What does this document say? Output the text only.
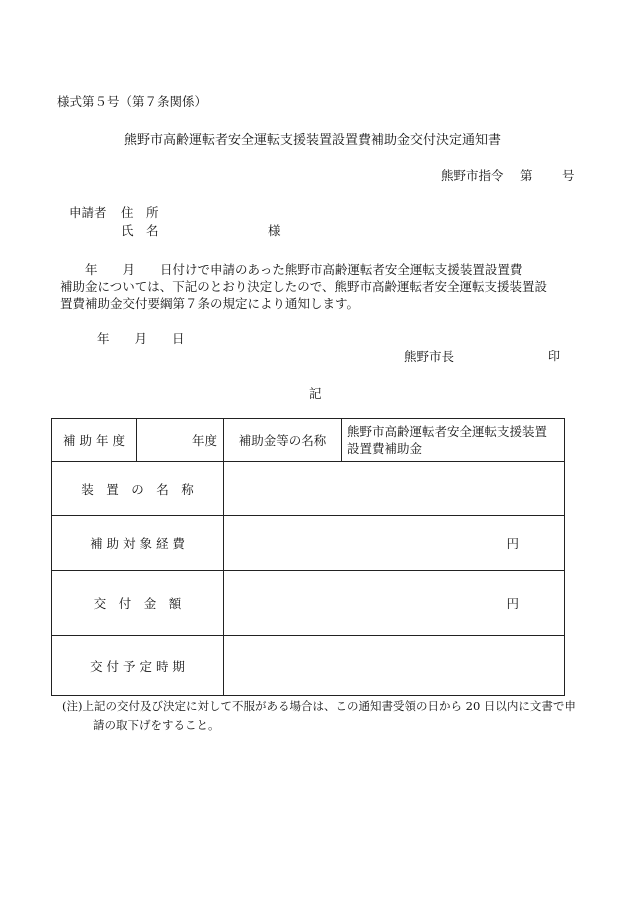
様式第５号（第７条関係）
熊野市高齢運転者安全運転支援装置設置費補助金交付決定通知書
熊野市指令 第 号
申請者 住　所
氏　名	様
　　年　　月　　日付けで申請のあった熊野市高齢運転者安全運転支援装置設置費
補助金については、下記のとおり決定したので、熊野市高齢運転者安全運転支援装置設
置費補助金交付要綱第７条の規定により通知します。
年　　月　　日
熊野市長	印
記
補 助 年 度	年度	補助金等の名称	熊野市高齢運転者安全運転支援装置設置費補助金
装　置　の　名　称			
補 助 対 象 経 費		円	
交　付　金　額		円	
交 付 予 定 時 期			
(注)上記の交付及び決定に対して不服がある場合は、この通知書受領の日から 20 日以内に文書で申
請の取下げをすること。
